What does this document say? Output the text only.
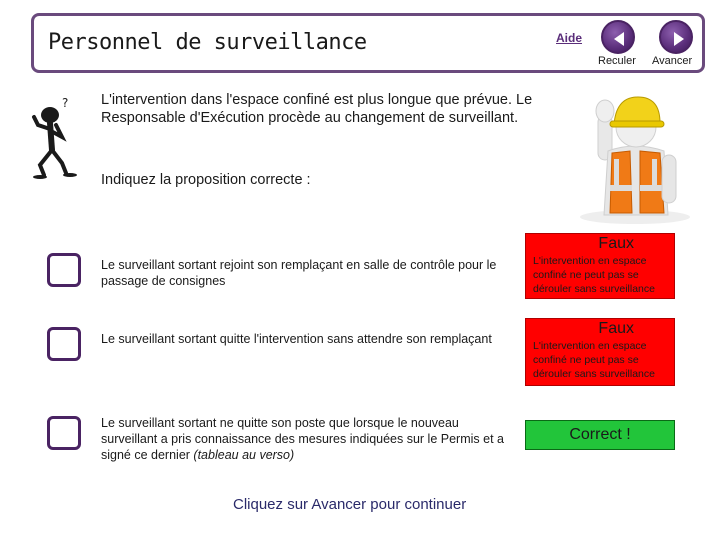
Personnel de surveillance	Aide
Reculer Avancer
? L'intervention dans l'espace confiné est plus longue que prévue. Le Responsable d'Exécution procède au changement de surveillant.
Indiquez la proposition correcte :
Le surveillant sortant rejoint son remplaçant en salle de contrôle pour le passage de consignes
Faux
L'intervention en espace confiné ne peut pas se dérouler sans surveillance
Le surveillant sortant quitte l'intervention sans attendre son remplaçant
Faux
L'intervention en espace confiné ne peut pas se dérouler sans surveillance
Le surveillant sortant ne quitte son poste que lorsque le nouveau surveillant a pris connaissance des mesures indiquées sur le Permis et a signé ce dernier (tableau au verso)
Correct !
Cliquez sur Avancer pour continuer
